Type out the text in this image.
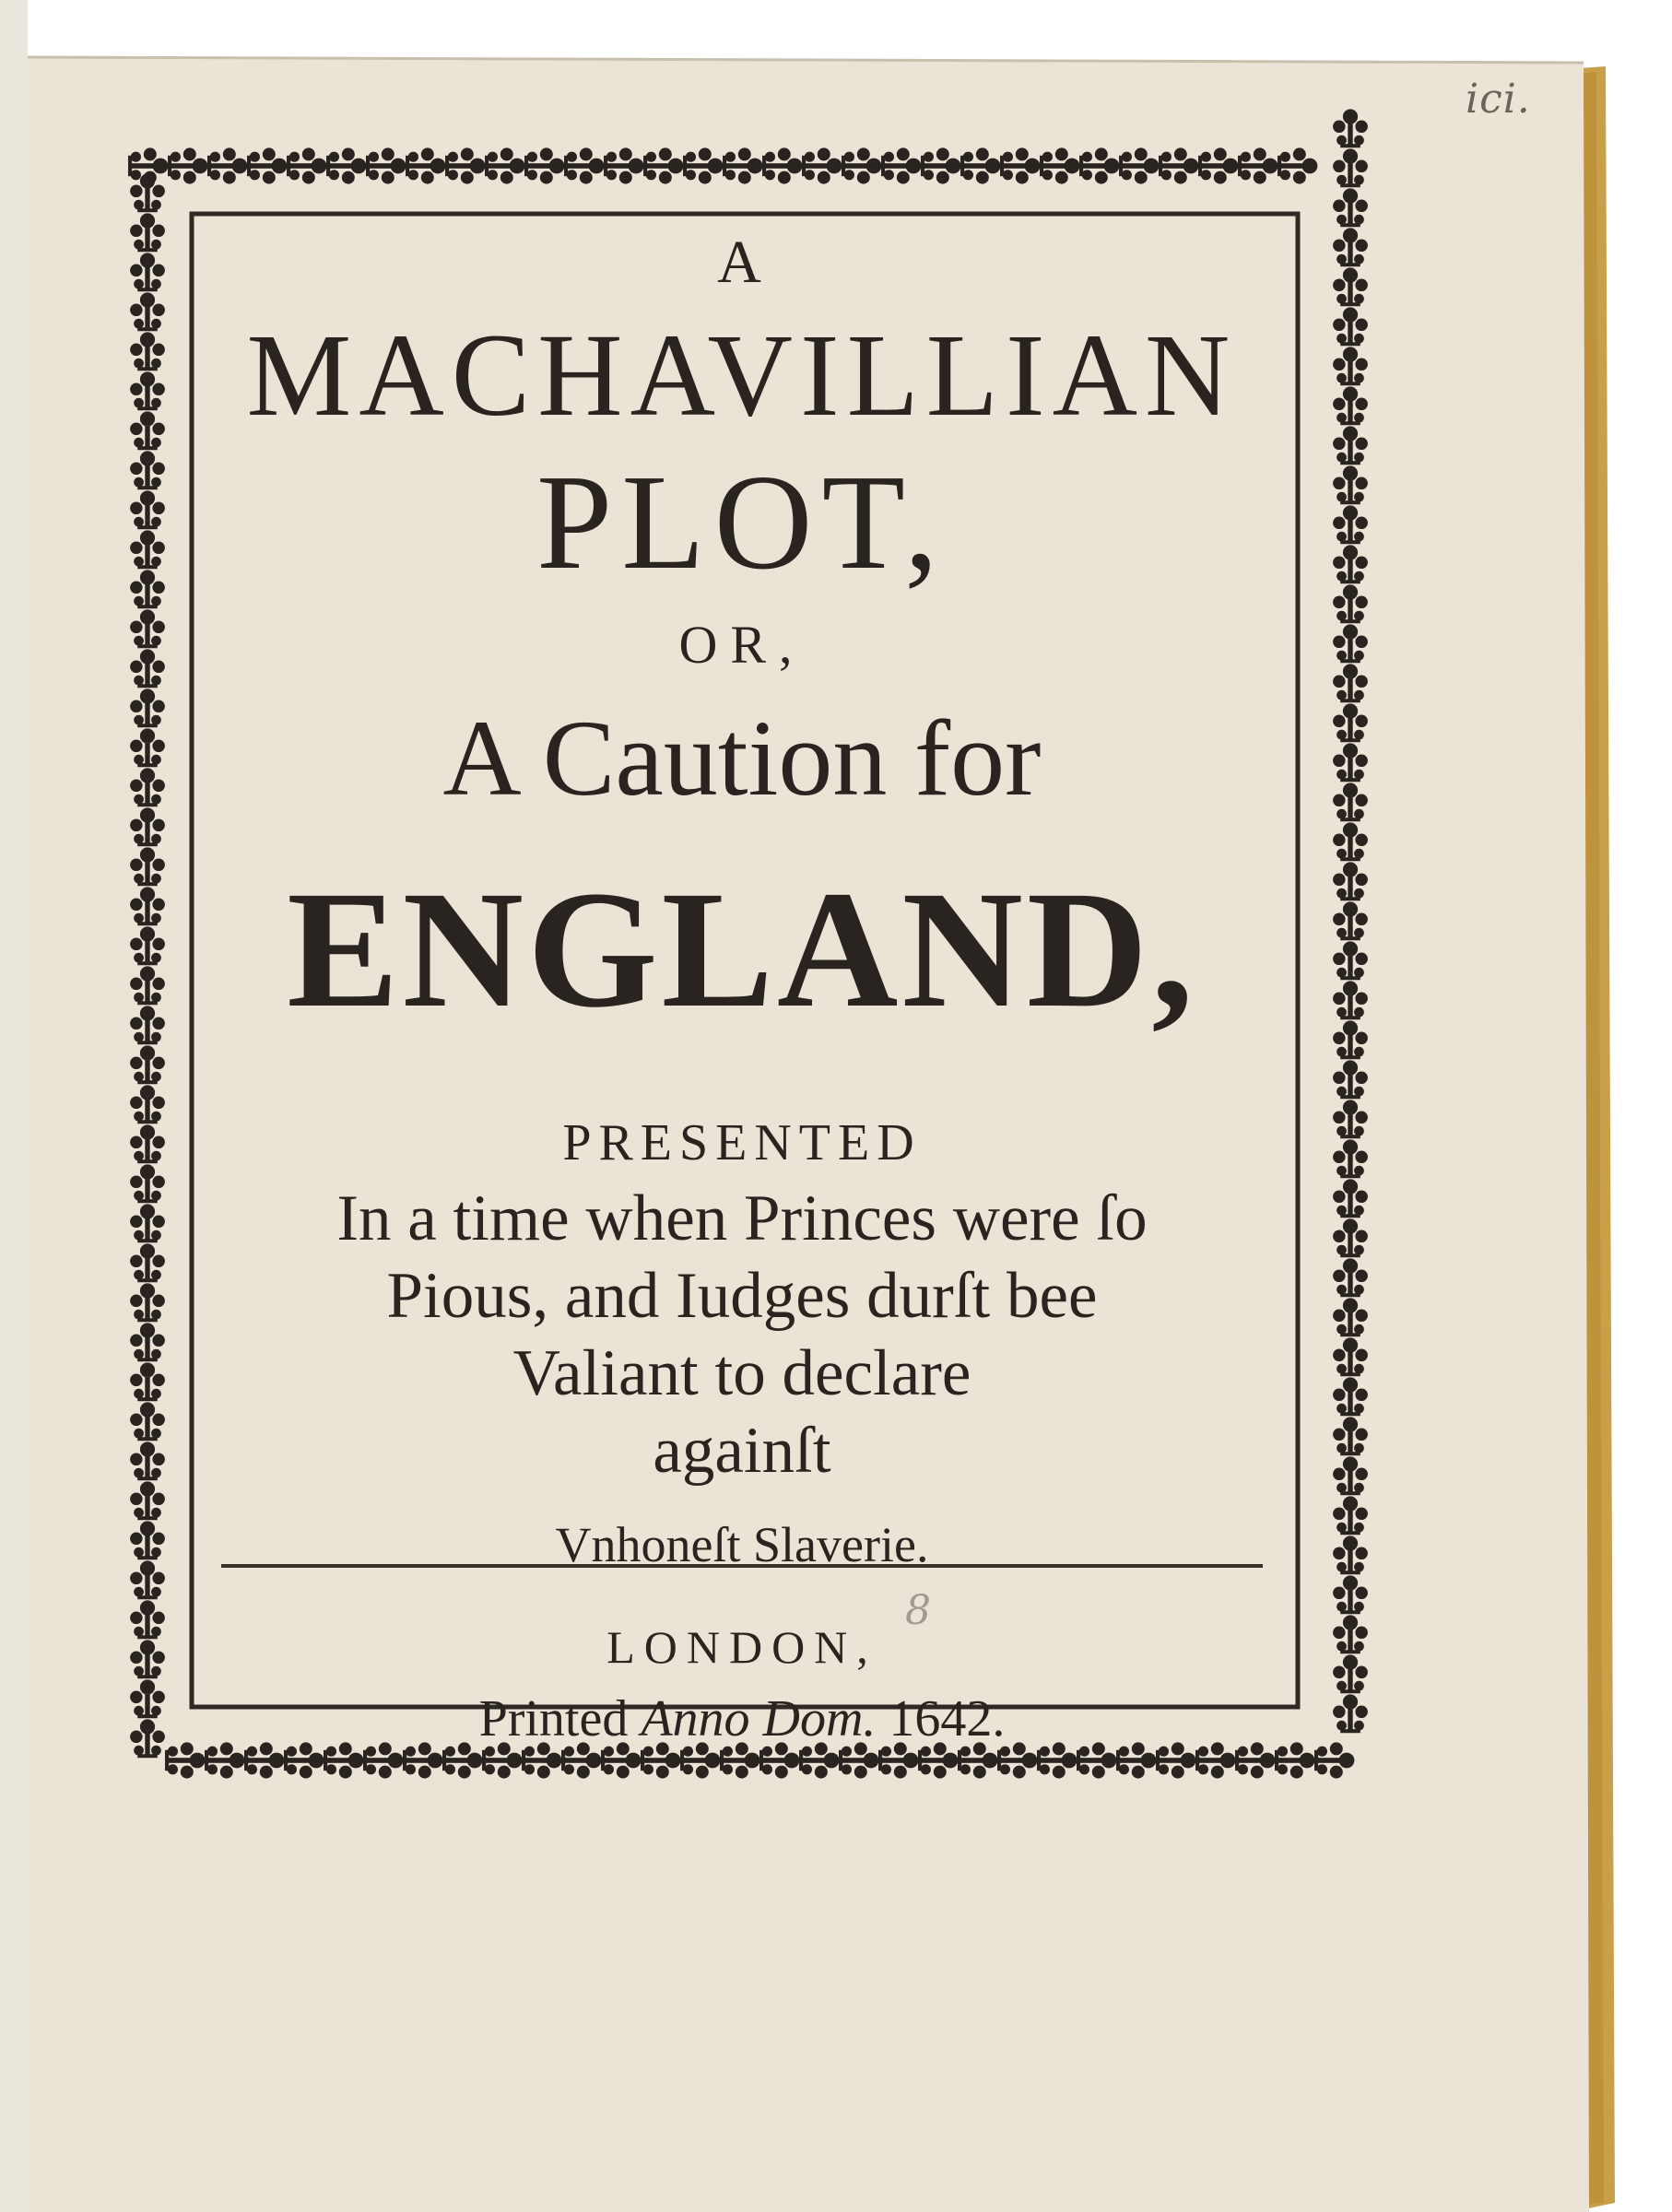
ici.
8
A
MACHAVILLIAN
PLOT,
OR,
A Caution for
ENGLAND,
PRESENTED
In a time when Princes were ſo
Pious, and Iudges durſt bee
Valiant to declare
againſt
Vnhoneſt Slaverie.
LONDON,
Printed Anno Dom. 1642.
